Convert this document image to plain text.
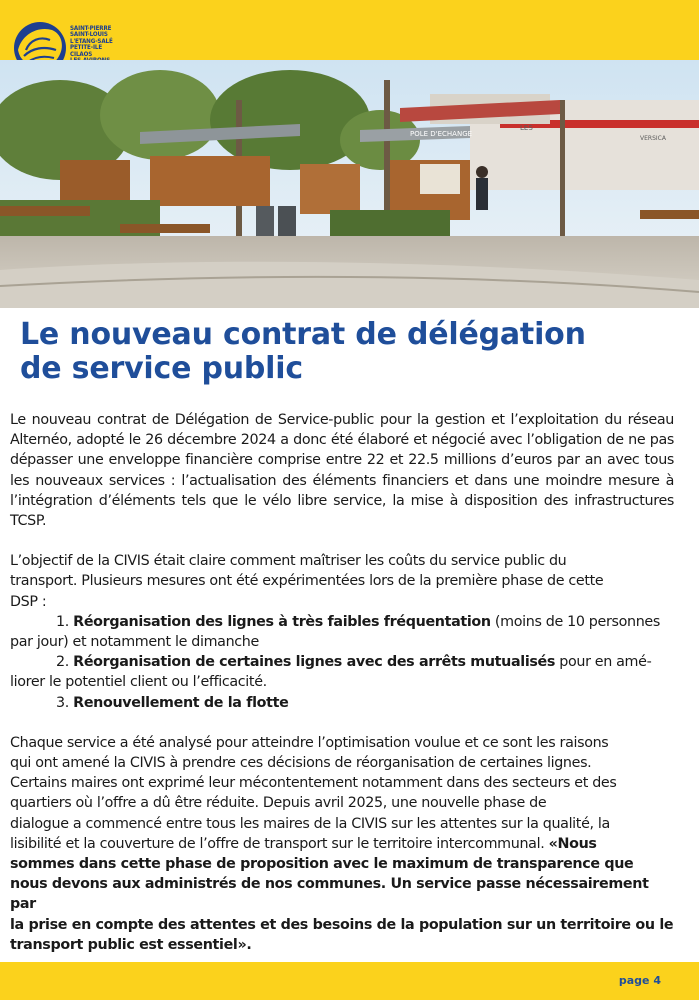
SAINT-PIERRE
SAINT-LOUIS
L'ETANG-SALÉ
PETITE-ILE
CILAOS
POLE D'ECHANGE
LES
VERSICA
Le nouveau contrat de délégation
de service public

Le nouveau contrat de Délégation de Service-public pour la gestion et l’exploitation du réseau Alternéo, adopté le 26 décembre 2024 a donc été élaboré et négocié avec l’obligation de ne pas dépasser une enveloppe financière comprise entre 22 et 22.5 millions d’euros par an avec tous les nouveaux services : l’actualisation des éléments financiers et dans une moindre mesure à l’intégration d’éléments tels que le vélo libre service, la mise à disposition des infrastructures TCSP.

L’objectif de la CIVIS était claire comment maîtriser les coûts du service public du
transport. Plusieurs mesures ont été expérimentées lors de la première phase de cette
DSP :

1. Réorganisation des lignes à très faibles fréquentation (moins de 10 personnes
par jour) et notamment le dimanche

2. Réorganisation de certaines lignes avec des arrêts mutualisés pour en amé-
liorer le potentiel client ou l’efficacité.

3. Renouvellement de la flotte

Chaque service a été analysé pour atteindre l’optimisation voulue et ce sont les raisons
qui ont amené la CIVIS à prendre ces décisions de réorganisation de certaines lignes.
Certains maires ont exprimé leur mécontentement notamment dans des secteurs et des
quartiers où l’offre a dû être réduite. Depuis avril 2025, une nouvelle phase de
dialogue a commencé entre tous les maires de la CIVIS sur les attentes sur la qualité, la
lisibilité et la couverture de l’offre de transport sur le territoire intercommunal. «Nous
sommes dans cette phase de proposition avec le maximum de transparence que
nous devons aux administrés de nos communes. Un service passe nécessairement par
la prise en compte des attentes et des besoins de la population sur un territoire ou le
transport public est essentiel».

page 4
